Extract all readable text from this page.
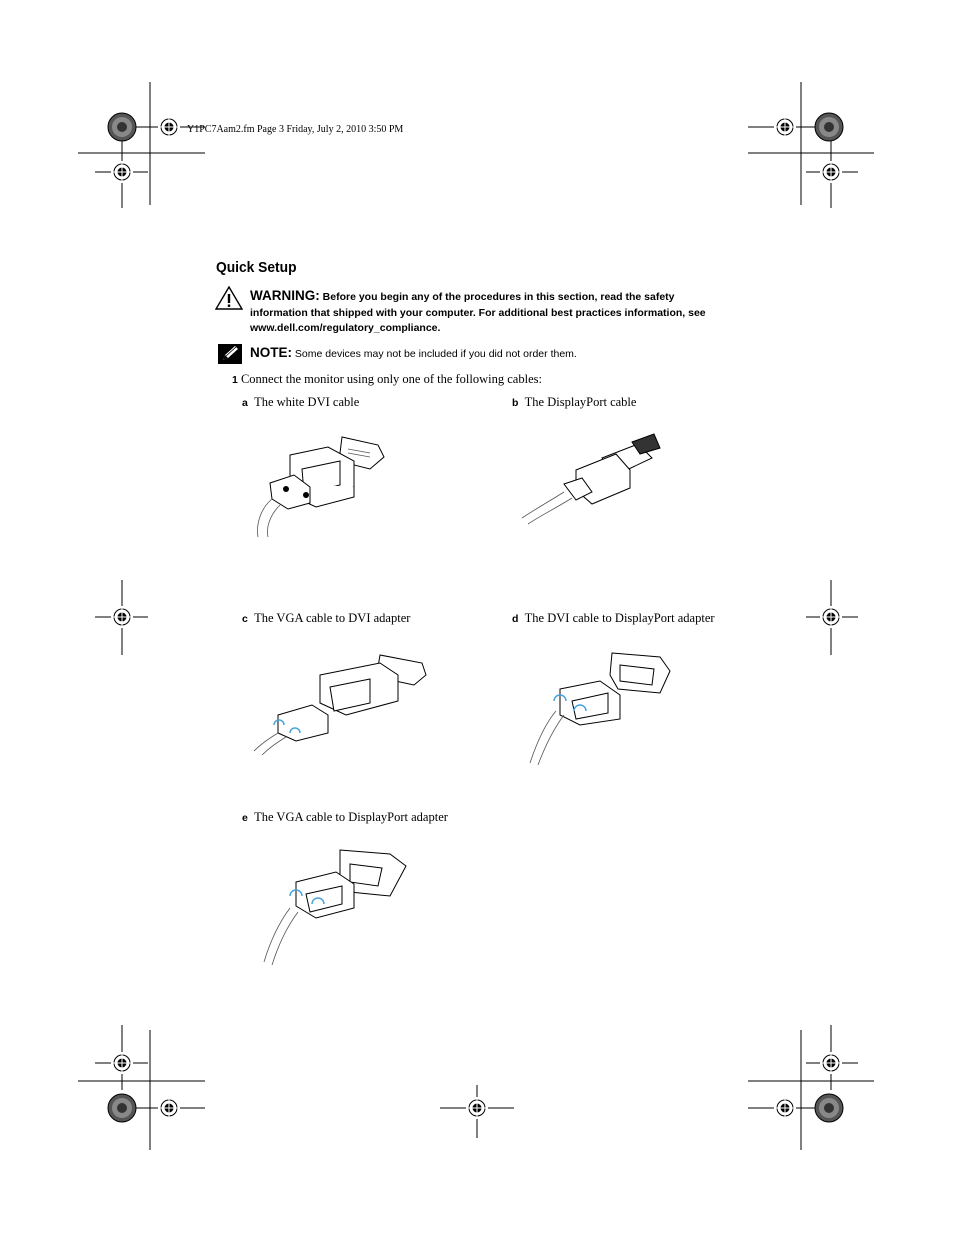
Y1PC7Aam2.fm Page 3 Friday, July 2, 2010 3:50 PM
Quick Setup
WARNING: Before you begin any of the procedures in this section, read the safety information that shipped with your computer. For additional best practices information, see www.dell.com/regulatory_compliance.
NOTE: Some devices may not be included if you did not order them.
1 Connect the monitor using only one of the following cables:
a The white DVI cable	b The DisplayPort cable
c The VGA cable to DVI adapter	d The DVI cable to DisplayPort adapter
e The VGA cable to DisplayPort adapter
